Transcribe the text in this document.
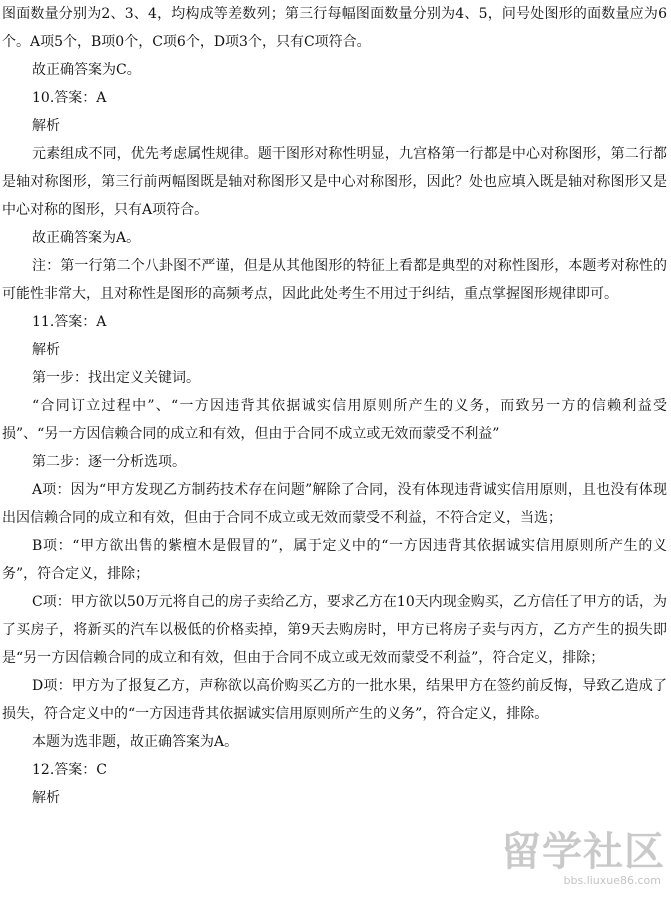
图面数量分别为2、3、4，均构成等差数列；第三行每幅图面数量分别为4、5，问号处图形的面数量应为6个。A项5个，B项0个，C项6个，D项3个，只有C项符合。

故正确答案为C。

10.答案：A

解析

元素组成不同，优先考虑属性规律。题干图形对称性明显，九宫格第一行都是中心对称图形，第二行都是轴对称图形，第三行前两幅图既是轴对称图形又是中心对称图形，因此？处也应填入既是轴对称图形又是中心对称的图形，只有A项符合。

故正确答案为A。

注：第一行第二个八卦图不严谨，但是从其他图形的特征上看都是典型的对称性图形，本题考对称性的可能性非常大，且对称性是图形的高频考点，因此此处考生不用过于纠结，重点掌握图形规律即可。

11.答案：A

解析

第一步：找出定义关键词。

“合同订立过程中”、“一方因违背其依据诚实信用原则所产生的义务，而致另一方的信赖利益受损”、“另一方因信赖合同的成立和有效，但由于合同不成立或无效而蒙受不利益”

第二步：逐一分析选项。

A项：因为“甲方发现乙方制药技术存在问题”解除了合同，没有体现违背诚实信用原则，且也没有体现出因信赖合同的成立和有效，但由于合同不成立或无效而蒙受不利益，不符合定义，当选；

B项：“甲方欲出售的紫檀木是假冒的”，属于定义中的“一方因违背其依据诚实信用原则所产生的义务”，符合定义，排除；

C项：甲方欲以50万元将自己的房子卖给乙方，要求乙方在10天内现金购买，乙方信任了甲方的话，为了买房子，将新买的汽车以极低的价格卖掉，第9天去购房时，甲方已将房子卖与丙方，乙方产生的损失即是“另一方因信赖合同的成立和有效，但由于合同不成立或无效而蒙受不利益”，符合定义，排除；

D项：甲方为了报复乙方，声称欲以高价购买乙方的一批水果，结果甲方在签约前反悔，导致乙造成了损失，符合定义中的“一方因违背其依据诚实信用原则所产生的义务”，符合定义，排除。

本题为选非题，故正确答案为A。

12.答案：C

解析

留学社区
bbs.liuxue86.com
